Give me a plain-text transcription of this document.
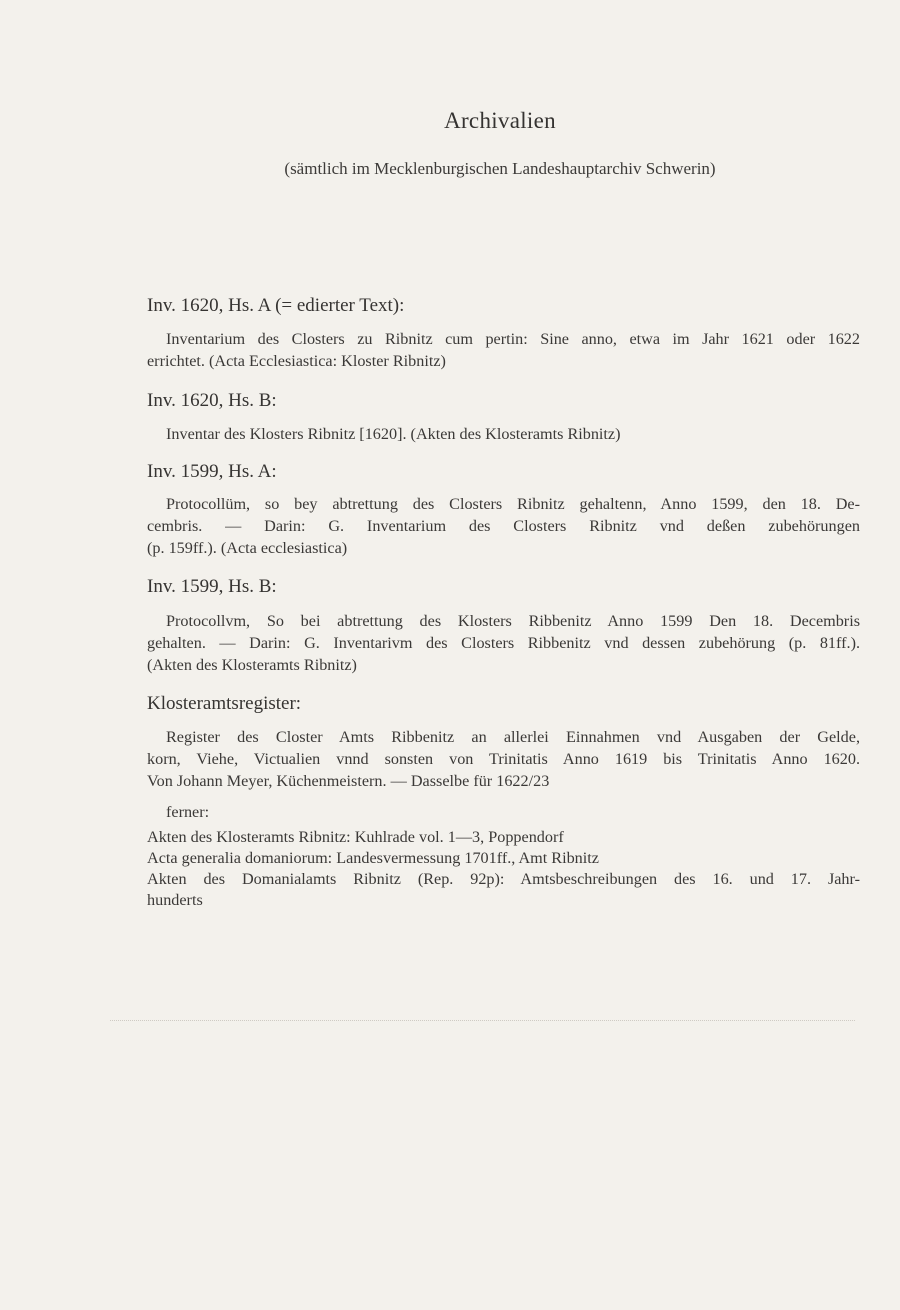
Archivalien
(sämtlich im Mecklenburgischen Landeshauptarchiv Schwerin)
Inv. 1620, Hs. A (= edierter Text):
Inventarium des Closters zu Ribnitz cum pertin: Sine anno, etwa im Jahr 1621 oder 1622
errichtet. (Acta Ecclesiastica: Kloster Ribnitz)
Inv. 1620, Hs. B:
Inventar des Klosters Ribnitz [1620]. (Akten des Klosteramts Ribnitz)
Inv. 1599, Hs. A:
Protocollüm, so bey abtrettung des Closters Ribnitz gehaltenn, Anno 1599, den 18. De-
cembris. — Darin: G. Inventarium des Closters Ribnitz vnd deßen zubehörungen
(p. 159ff.). (Acta ecclesiastica)
Inv. 1599, Hs. B:
Protocollvm, So bei abtrettung des Klosters Ribbenitz Anno 1599 Den 18. Decembris
gehalten. — Darin: G. Inventarivm des Closters Ribbenitz vnd dessen zubehörung (p. 81ff.).
(Akten des Klosteramts Ribnitz)
Klosteramtsregister:
Register des Closter Amts Ribbenitz an allerlei Einnahmen vnd Ausgaben der Gelde,
korn, Viehe, Victualien vnnd sonsten von Trinitatis Anno 1619 bis Trinitatis Anno 1620.
Von Johann Meyer, Küchenmeistern. — Dasselbe für 1622/23
ferner:
Akten des Klosteramts Ribnitz: Kuhlrade vol. 1—3, Poppendorf
Acta generalia domaniorum: Landesvermessung 1701ff., Amt Ribnitz
Akten des Domanialamts Ribnitz (Rep. 92p): Amtsbeschreibungen des 16. und 17. Jahr-
hunderts
